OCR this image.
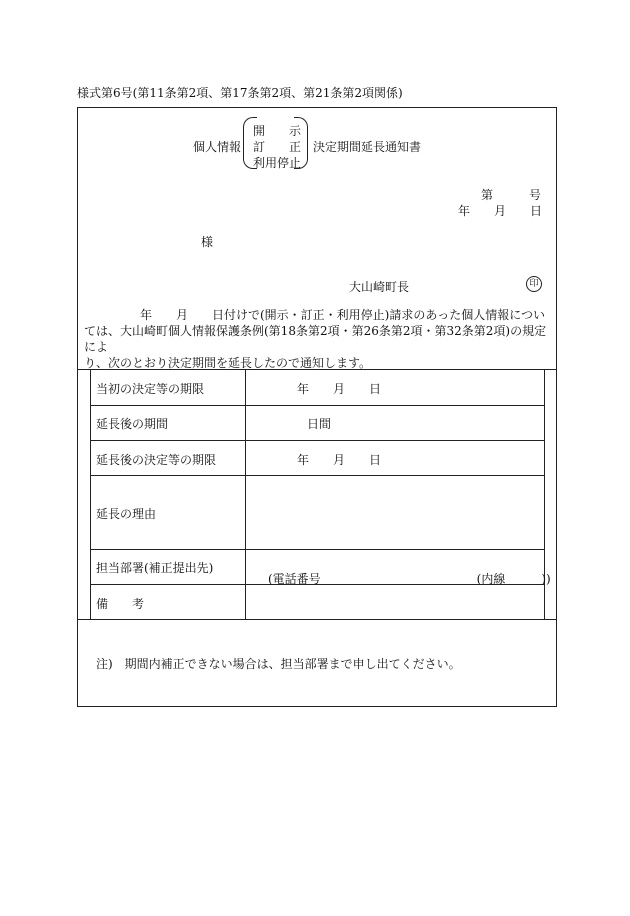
様式第6号(第11条第2項、第17条第2項、第21条第2項関係)
個人情報
開　　示
訂　　正
利用停止
決定期間延長通知書
第　　　号
年　　月　　日
様
大山崎町長	印
年　　月　　日付けで(開示・訂正・利用停止)請求のあった個人情報につい
ては、大山崎町個人情報保護条例(第18条第2項・第26条第2項・第32条第2項)の規定によ
り、次のとおり決定期間を延長したので通知します。
当初の決定等の期限
延長後の期間
延長後の決定等の期限
延長の理由
担当部署(補正提出先)
備　　考
年　　月　　日
日間
年　　月　　日
(電話番号　　　　　　　　　　　　　(内線　　　))
注)　期間内補正できない場合は、担当部署まで申し出てください。
